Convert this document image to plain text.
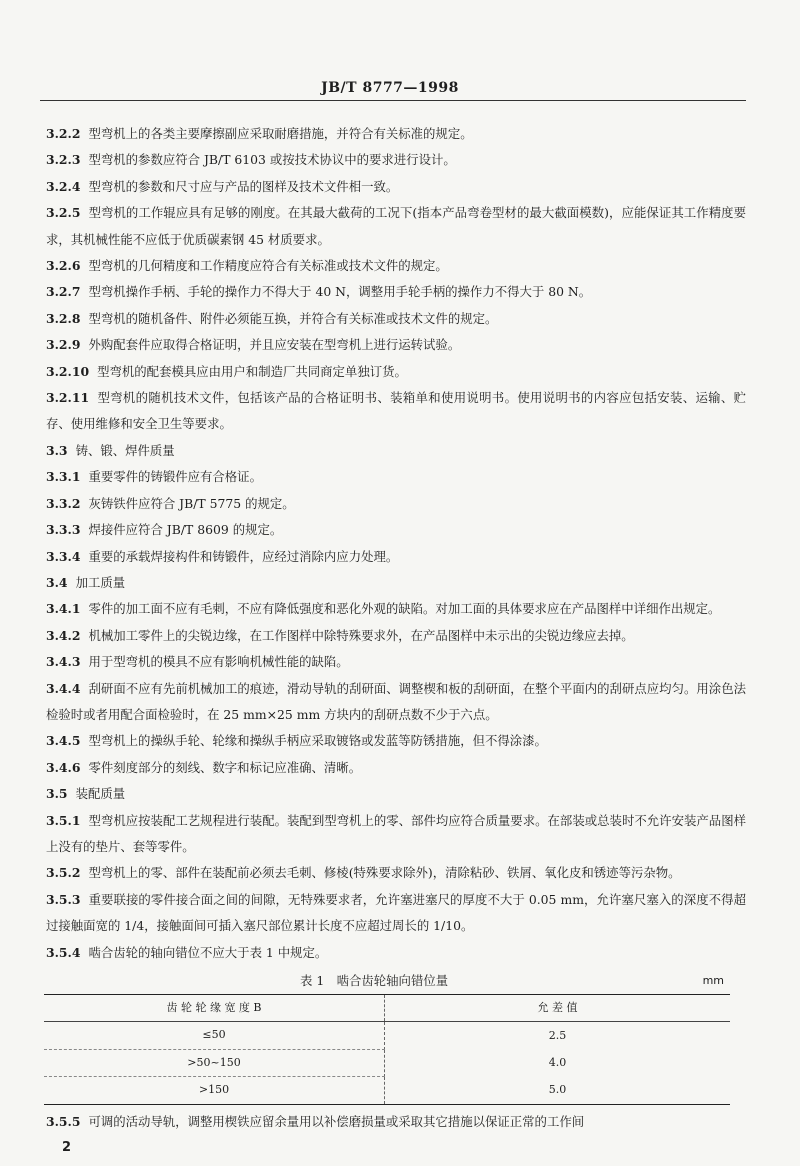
JB/T 8777—1998

3.2.2 型弯机上的各类主要摩擦副应采取耐磨措施，并符合有关标准的规定。

3.2.3 型弯机的参数应符合 JB/T 6103 或按技术协议中的要求进行设计。

3.2.4 型弯机的参数和尺寸应与产品的图样及技术文件相一致。

3.2.5 型弯机的工作辊应具有足够的刚度。在其最大截荷的工况下(指本产品弯卷型材的最大截面模数)，应能保证其工作精度要求，其机械性能不应低于优质碳素钢 45 材质要求。

3.2.6 型弯机的几何精度和工作精度应符合有关标准或技术文件的规定。

3.2.7 型弯机操作手柄、手轮的操作力不得大于 40 N，调整用手轮手柄的操作力不得大于 80 N。

3.2.8 型弯机的随机备件、附件必须能互换，并符合有关标准或技术文件的规定。

3.2.9 外购配套件应取得合格证明，并且应安装在型弯机上进行运转试验。

3.2.10 型弯机的配套模具应由用户和制造厂共同商定单独订货。

3.2.11 型弯机的随机技术文件，包括该产品的合格证明书、装箱单和使用说明书。使用说明书的内容应包括安装、运输、贮存、使用维修和安全卫生等要求。

3.3 铸、锻、焊件质量

3.3.1 重要零件的铸锻件应有合格证。

3.3.2 灰铸铁件应符合 JB/T 5775 的规定。

3.3.3 焊接件应符合 JB/T 8609 的规定。

3.3.4 重要的承载焊接构件和铸锻件，应经过消除内应力处理。

3.4 加工质量

3.4.1 零件的加工面不应有毛刺，不应有降低强度和恶化外观的缺陷。对加工面的具体要求应在产品图样中详细作出规定。

3.4.2 机械加工零件上的尖锐边缘，在工作图样中除特殊要求外，在产品图样中未示出的尖锐边缘应去掉。

3.4.3 用于型弯机的模具不应有影响机械性能的缺陷。

3.4.4 刮研面不应有先前机械加工的痕迹，滑动导轨的刮研面、调整楔和板的刮研面，在整个平面内的刮研点应均匀。用涂色法检验时或者用配合面检验时，在 25 mm×25 mm 方块内的刮研点数不少于六点。

3.4.5 型弯机上的操纵手轮、轮缘和操纵手柄应采取镀铬或发蓝等防锈措施，但不得涂漆。

3.4.6 零件刻度部分的刻线、数字和标记应准确、清晰。

3.5 装配质量

3.5.1 型弯机应按装配工艺规程进行装配。装配到型弯机上的零、部件均应符合质量要求。在部装或总装时不允许安装产品图样上没有的垫片、套等零件。

3.5.2 型弯机上的零、部件在装配前必须去毛刺、修棱(特殊要求除外)，清除粘砂、铁屑、氧化皮和锈迹等污杂物。

3.5.3 重要联接的零件接合面之间的间隙，无特殊要求者，允许塞进塞尺的厚度不大于 0.05 mm，允许塞尺塞入的深度不得超过接触面宽的 1/4，接触面间可插入塞尺部位累计长度不应超过周长的 1/10。

3.5.4 啮合齿轮的轴向错位不应大于表 1 中规定。

表 1　啮合齿轮轴向错位量	mm
齿 轮 轮 缘 宽 度 B	允 差 值
≤50	2.5
>50~150	4.0
>150	5.0

3.5.5 可调的活动导轨，调整用楔铁应留余量用以补偿磨损量或采取其它措施以保证正常的工作间

2
